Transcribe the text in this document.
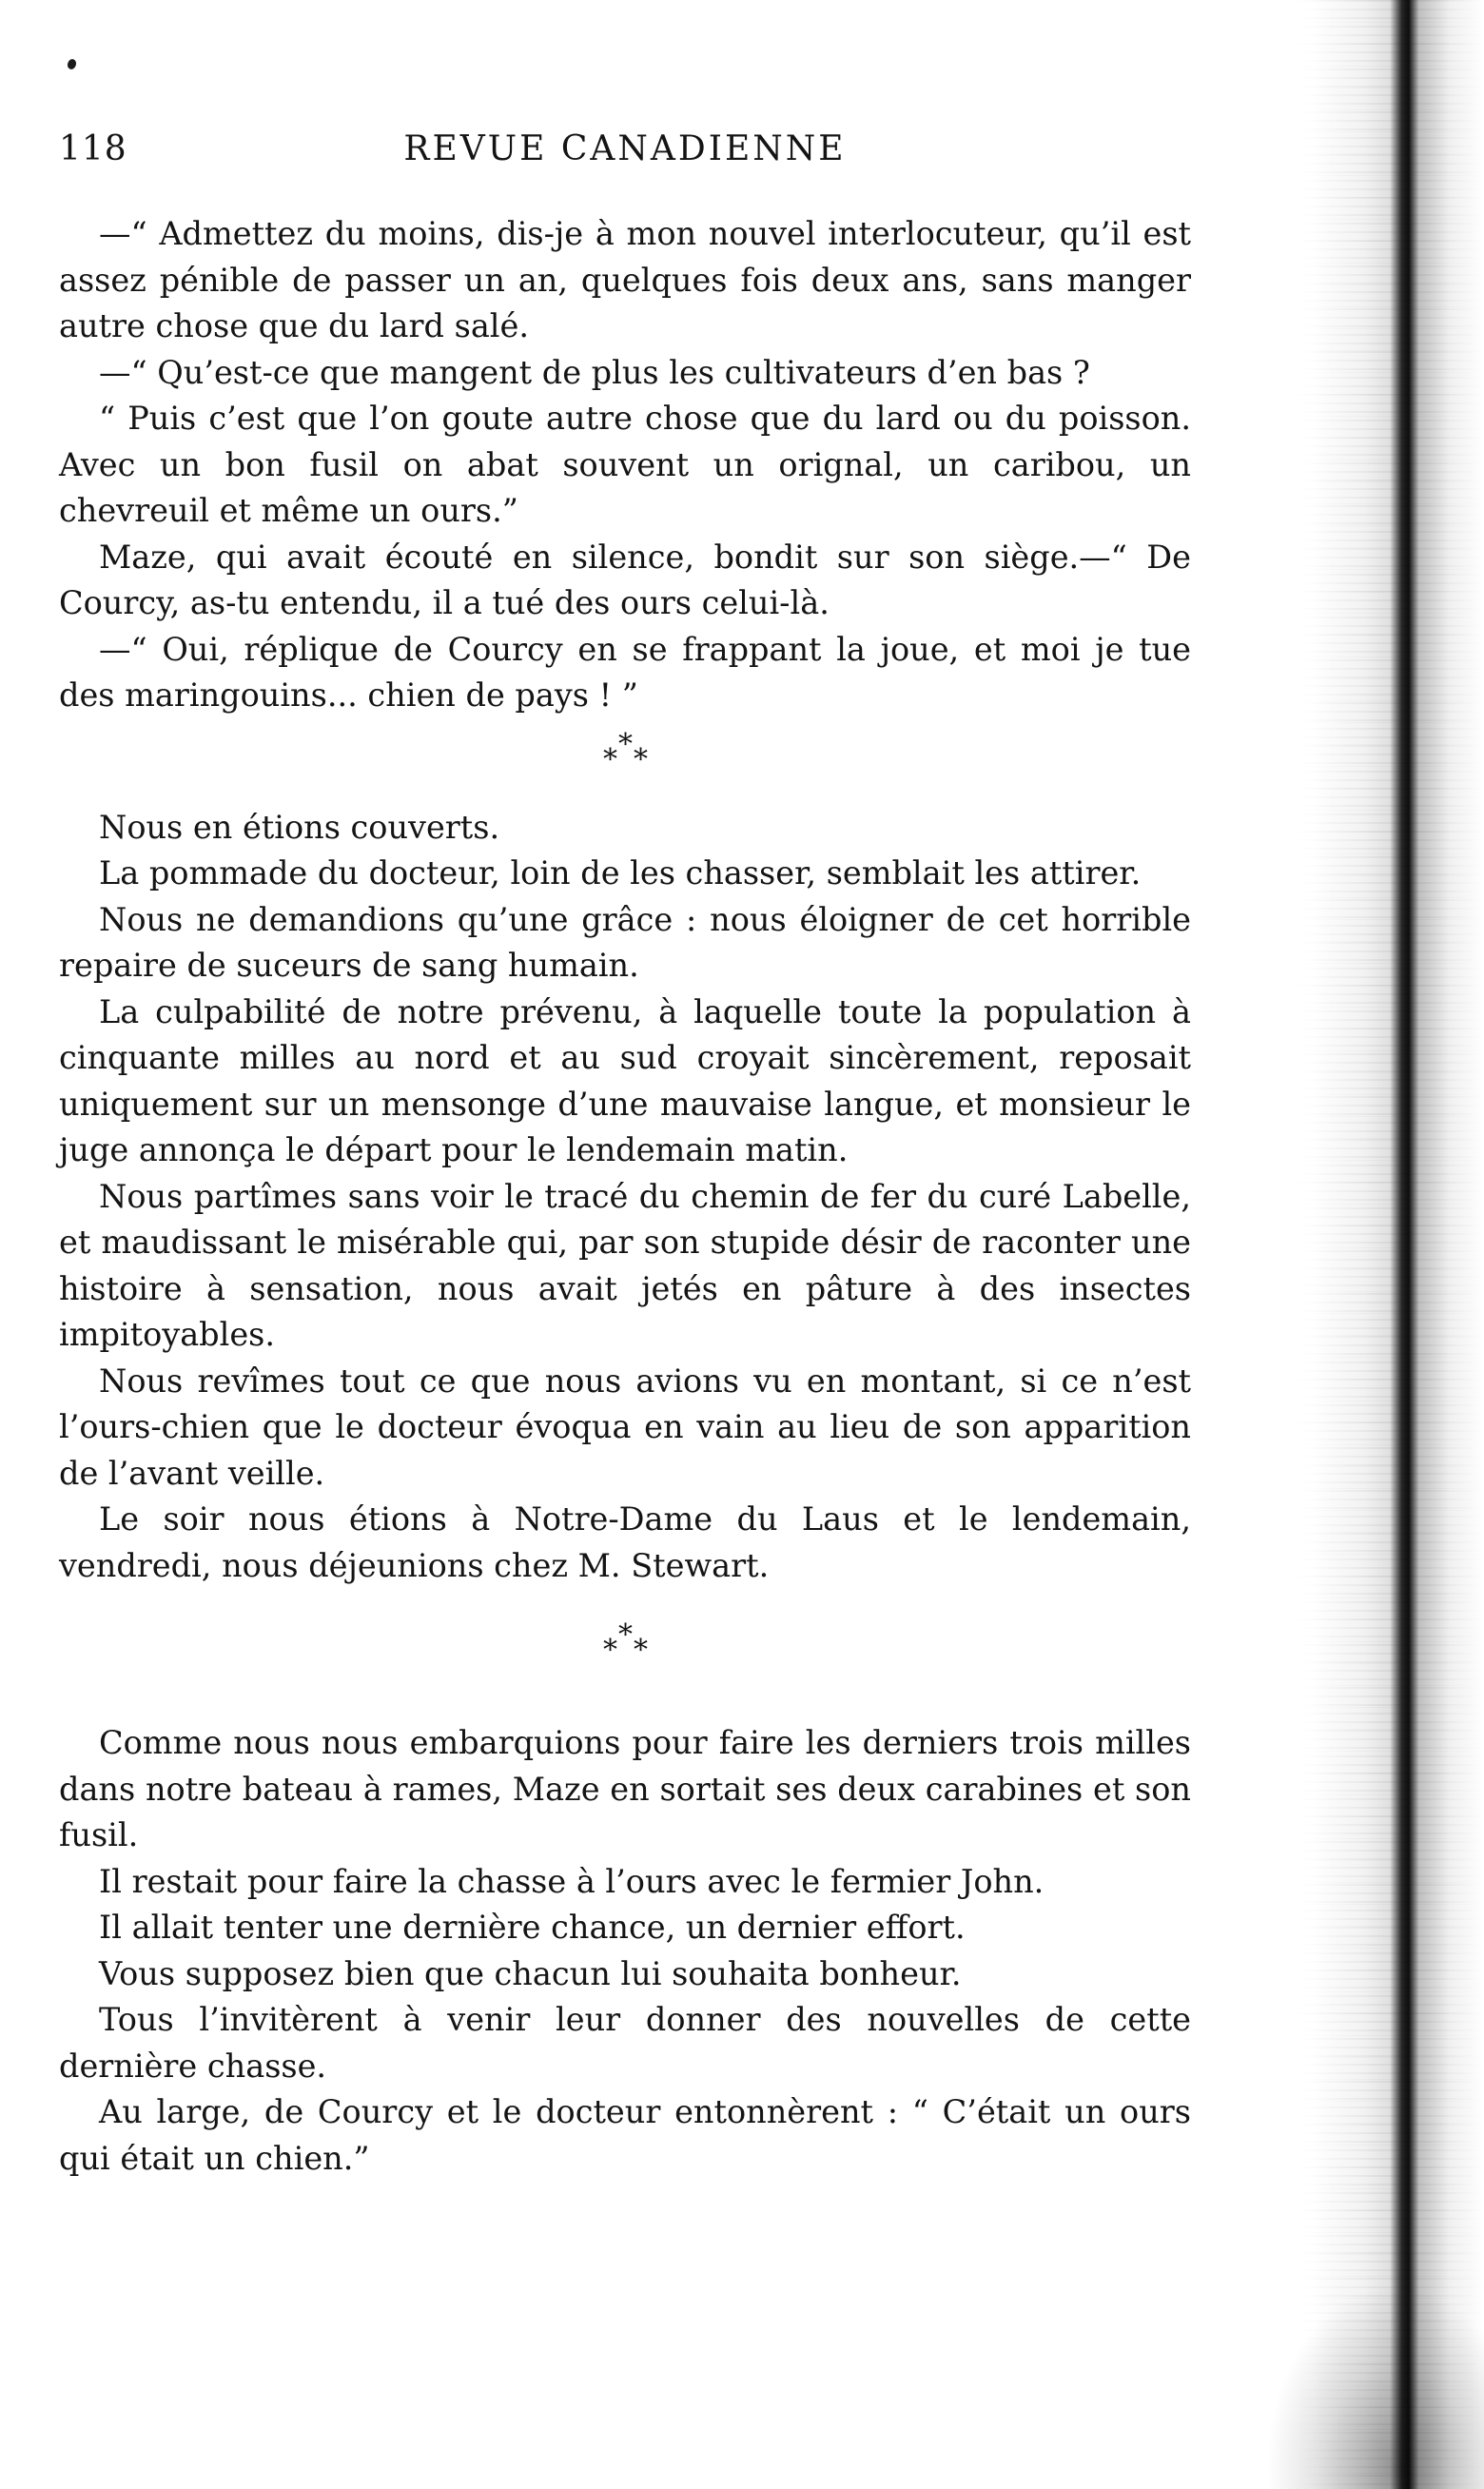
118	REVUE CANADIENNE

—“ Admettez du moins, dis-je à mon nouvel interlocuteur, qu’il est assez pénible de passer un an, quelques fois deux ans, sans manger autre chose que du lard salé.

—“ Qu’est-ce que mangent de plus les cultivateurs d’en bas ?

“ Puis c’est que l’on goute autre chose que du lard ou du poisson. Avec un bon fusil on abat souvent un orignal, un caribou, un chevreuil et même un ours.”

Maze, qui avait écouté en silence, bondit sur son siège.—“ De Courcy, as-tu entendu, il a tué des ours celui-là.

—“ Oui, réplique de Courcy en se frappant la joue, et moi je tue des maringouins... chien de pays ! ”

*
* *

Nous en étions couverts.

La pommade du docteur, loin de les chasser, semblait les attirer.

Nous ne demandions qu’une grâce : nous éloigner de cet horrible repaire de suceurs de sang humain.

La culpabilité de notre prévenu, à laquelle toute la population à cinquante milles au nord et au sud croyait sincèrement, reposait uniquement sur un mensonge d’une mauvaise langue, et monsieur le juge annonça le départ pour le lendemain matin.

Nous partîmes sans voir le tracé du chemin de fer du curé Labelle, et maudissant le misérable qui, par son stupide désir de raconter une histoire à sensation, nous avait jetés en pâture à des insectes impitoyables.

Nous revîmes tout ce que nous avions vu en montant, si ce n’est l’ours-chien que le docteur évoqua en vain au lieu de son apparition de l’avant veille.

Le soir nous étions à Notre-Dame du Laus et le lendemain, vendredi, nous déjeunions chez M. Stewart.

*
* *

Comme nous nous embarquions pour faire les derniers trois milles dans notre bateau à rames, Maze en sortait ses deux carabines et son fusil.

Il restait pour faire la chasse à l’ours avec le fermier John.

Il allait tenter une dernière chance, un dernier effort.

Vous supposez bien que chacun lui souhaita bonheur.

Tous l’invitèrent à venir leur donner des nouvelles de cette dernière chasse.

Au large, de Courcy et le docteur entonnèrent : “ C’était un ours qui était un chien.”
